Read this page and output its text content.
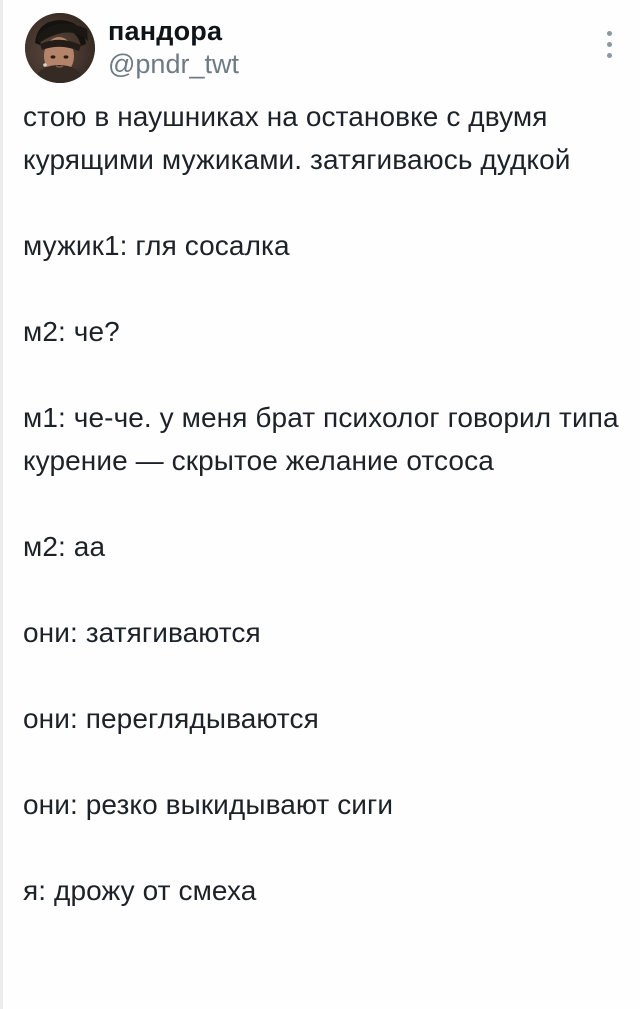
пандора
@pndr_twt

стою в наушниках на остановке с двумя курящими мужиками. затягиваюсь дудкой

мужик1: гля сосалка

м2: че?

м1: че-че. у меня брат психолог говорил типа курение — скрытое желание отсоса

м2: аа

они: затягиваются

они: переглядываются

они: резко выкидывают сиги

я: дрожу от смеха
